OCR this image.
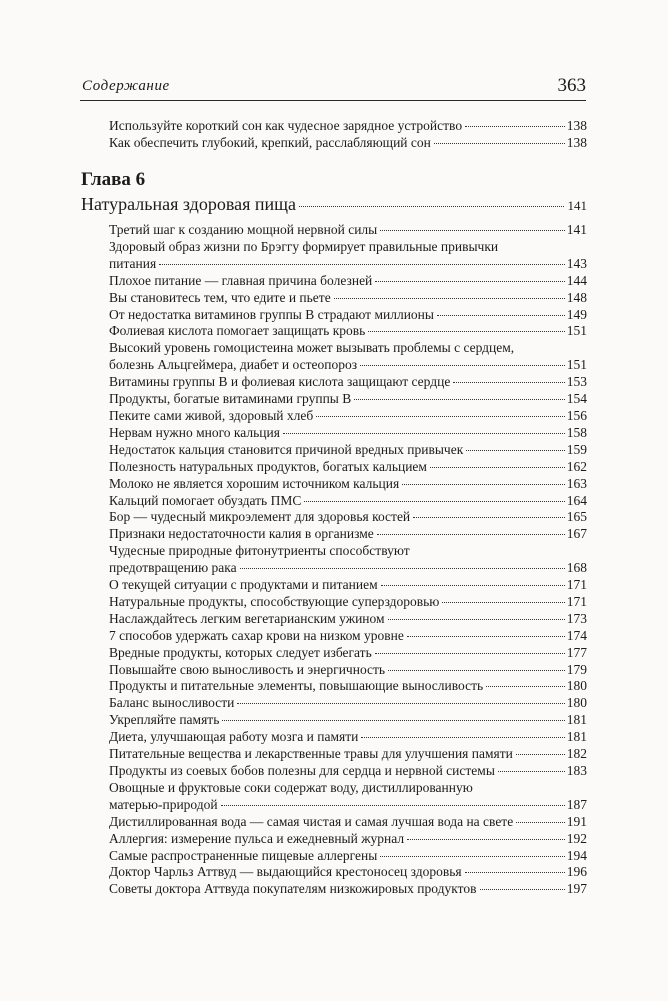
Содержание	363
Используйте короткий сон как чудесное зарядное устройство	138
Как обеспечить глубокий, крепкий, расслабляющий сон	138
Глава 6
Натуральная здоровая пища	141
Третий шаг к созданию мощной нервной силы	141
Здоровый образ жизни по Брэггу формирует правильные привычки
питания	143
Плохое питание — главная причина болезней	144
Вы становитесь тем, что едите и пьете	148
От недостатка витаминов группы В страдают миллионы	149
Фолиевая кислота помогает защищать кровь	151
Высокий уровень гомоцистеина может вызывать проблемы с сердцем,
болезнь Альцгеймера, диабет и остеопороз	151
Витамины группы В и фолиевая кислота защищают сердце	153
Продукты, богатые витаминами группы В	154
Пеките сами живой, здоровый хлеб	156
Нервам нужно много кальция	158
Недостаток кальция становится причиной вредных привычек	159
Полезность натуральных продуктов, богатых кальцием	162
Молоко не является хорошим источником кальция	163
Кальций помогает обуздать ПМС	164
Бор — чудесный микроэлемент для здоровья костей	165
Признаки недостаточности калия в организме	167
Чудесные природные фитонутриенты способствуют
предотвращению рака	168
О текущей ситуации с продуктами и питанием	171
Натуральные продукты, способствующие суперздоровью	171
Наслаждайтесь легким вегетарианским ужином	173
7 способов удержать сахар крови на низком уровне	174
Вредные продукты, которых следует избегать	177
Повышайте свою выносливость и энергичность	179
Продукты и питательные элементы, повышающие выносливость	180
Баланс выносливости	180
Укрепляйте память	181
Диета, улучшающая работу мозга и памяти	181
Питательные вещества и лекарственные травы для улучшения памяти	182
Продукты из соевых бобов полезны для сердца и нервной системы	183
Овощные и фруктовые соки содержат воду, дистиллированную
матерью-природой	187
Дистиллированная вода — самая чистая и самая лучшая вода на свете	191
Аллергия: измерение пульса и ежедневный журнал	192
Самые распространенные пищевые аллергены	194
Доктор Чарльз Аттвуд — выдающийся крестоносец здоровья	196
Советы доктора Аттвуда покупателям низкожировых продуктов	197
